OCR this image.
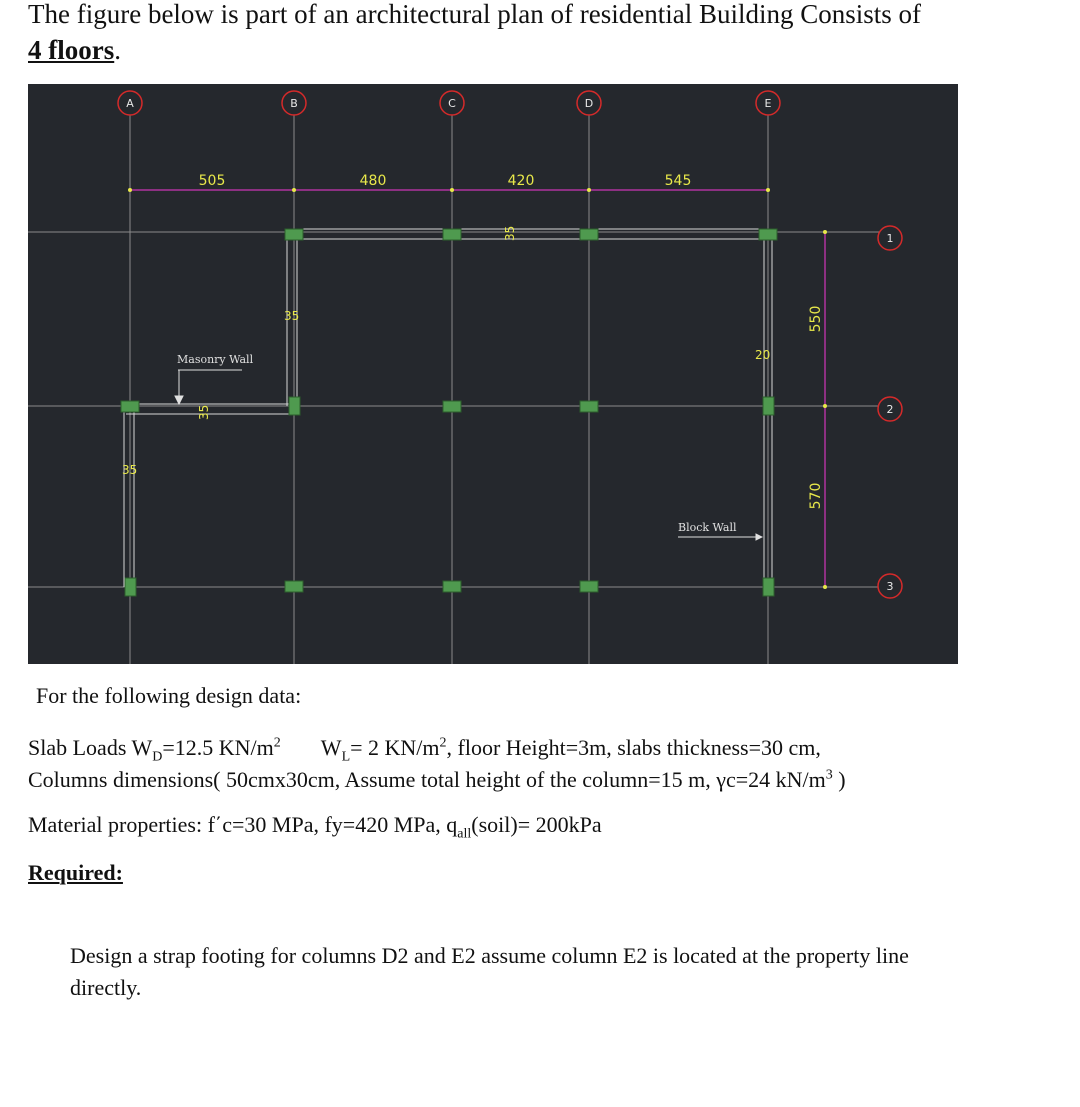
The figure below is part of an architectural plan of residential Building Consists of
4 floors.
505	480	420	545
550
570
35
35
35
35
20
Masonry Wall
Block Wall
A	B	C	D	E
1
2
3
For the following design data:
Slab Loads $W_D=12.5$ $KN/m^2$ $W_L= 2$ $KN/m^2$, floor Height=3m, slabs thickness=30 cm,
Columns dimensions( 50cmx30cm, Assume total height of the column=15 m, γc=24 $kN/m^3$ )
Material properties: f΄c=30 MPa, fy=420 MPa, $q_{all}(soil)= 200kPa$
Required:
Design a strap footing for columns D2 and E2 assume column E2 is located at the property line directly.
